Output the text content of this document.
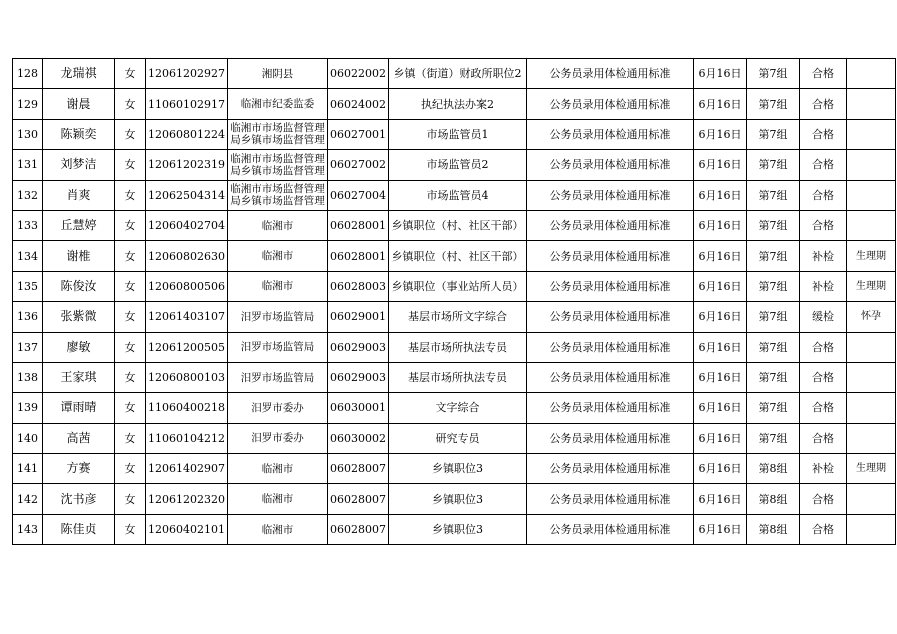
128	龙瑞祺	女	12061202927	湘阴县	06022002	乡镇（街道）财政所职位2	公务员录用体检通用标准	6月16日	第7组	合格	
129	谢晨	女	11060102917	临湘市纪委监委	06024002	执纪执法办案2	公务员录用体检通用标准	6月16日	第7组	合格	
130	陈颖奕	女	12060801224	临湘市市场监督管理局乡镇市场监督管理	06027001	市场监管员1	公务员录用体检通用标准	6月16日	第7组	合格	
131	刘梦洁	女	12061202319	临湘市市场监督管理局乡镇市场监督管理	06027002	市场监管员2	公务员录用体检通用标准	6月16日	第7组	合格	
132	肖爽	女	12062504314	临湘市市场监督管理局乡镇市场监督管理	06027004	市场监管员4	公务员录用体检通用标准	6月16日	第7组	合格	
133	丘慧婷	女	12060402704	临湘市	06028001	乡镇职位（村、社区干部）	公务员录用体检通用标准	6月16日	第7组	合格	
134	谢椎	女	12060802630	临湘市	06028001	乡镇职位（村、社区干部）	公务员录用体检通用标准	6月16日	第7组	补检	生理期
135	陈俊汝	女	12060800506	临湘市	06028003	乡镇职位（事业站所人员）	公务员录用体检通用标准	6月16日	第7组	补检	生理期
136	张紫微	女	12061403107	汨罗市场监管局	06029001	基层市场所文字综合	公务员录用体检通用标准	6月16日	第7组	缓检	怀孕
137	廖敏	女	12061200505	汨罗市场监管局	06029003	基层市场所执法专员	公务员录用体检通用标准	6月16日	第7组	合格	
138	王家琪	女	12060800103	汨罗市场监管局	06029003	基层市场所执法专员	公务员录用体检通用标准	6月16日	第7组	合格	
139	谭雨晴	女	11060400218	汨罗市委办	06030001	文字综合	公务员录用体检通用标准	6月16日	第7组	合格	
140	高茜	女	11060104212	汨罗市委办	06030002	研究专员	公务员录用体检通用标准	6月16日	第7组	合格	
141	方赛	女	12061402907	临湘市	06028007	乡镇职位3	公务员录用体检通用标准	6月16日	第8组	补检	生理期
142	沈书彦	女	12061202320	临湘市	06028007	乡镇职位3	公务员录用体检通用标准	6月16日	第8组	合格	
143	陈佳贞	女	12060402101	临湘市	06028007	乡镇职位3	公务员录用体检通用标准	6月16日	第8组	合格	
